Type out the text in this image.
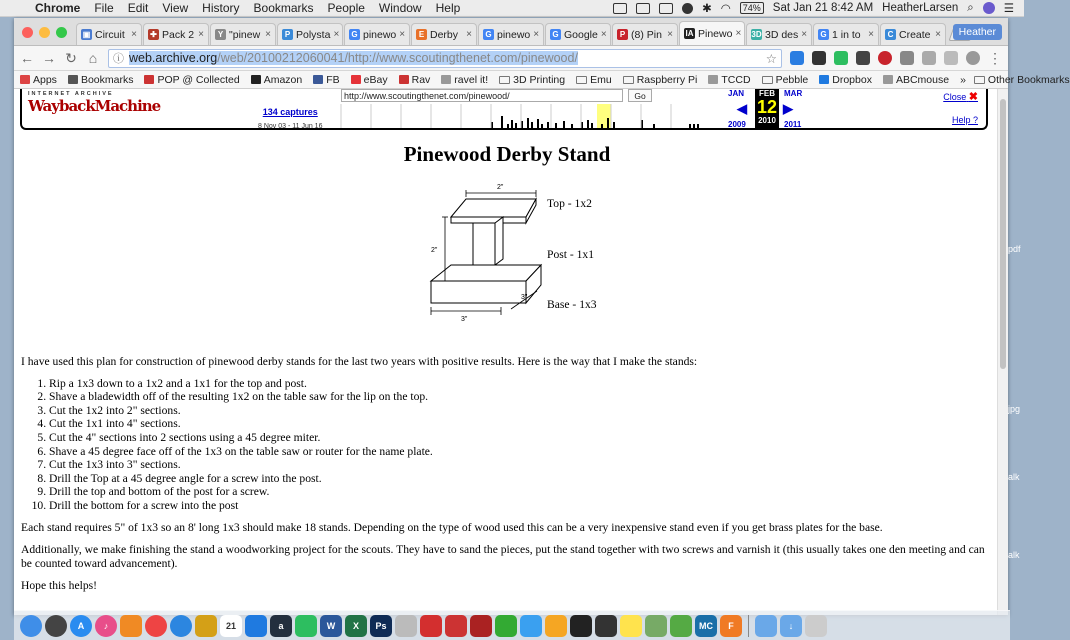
Chrome	File	Edit	View	History	Bookmarks	People	Window	Help	✱ ◠	74% Sat Jan 21 8:42 AM HeatherLarsen ⌕	☰
▣ Circuit × ✚ Pack 2 ×	Y "pinew ×	P Polysta × G pinewo ×	E Derby × G pinewo × G Google ×	P (8) Pin × IA Pinewo × 3D 3D des × G 1 in to ×	C Create ×	Heather
← → ↻ ⌂ ⓘ web.archive.org/web/20100212060041/http://www.scoutingthenet.com/pinewood/	☆	⋮
Apps Bookmarks POP @ Collected Amazon FB eBay Rav ravel it! 3D Printing Emu Raspberry Pi TCCD Pebble Dropbox ABCmouse » Other Bookmarks
INTERNET ARCHIVE
WaybackMachine	134 captures
8 Nov 03 - 11 Jun 16
http://www.scoutingthenet.com/pinewood/	Go	JAN
◀
FEB
12
2010
▶
MAR
2009	2011
Close ✖
Help ?
Pinewood Derby Stand
2"
2"
3"
3"
Top - 1x2
Post - 1x1
Base - 1x3

I have used this plan for construction of pinewood derby stands for the last two years with positive results. Here is the way that I make the stands:

1. Rip a 1x3 down to a 1x2 and a 1x1 for the top and post.
2. Shave a bladewidth off of the resulting 1x2 on the table saw for the lip on the top.
3. Cut the 1x2 into 2" sections.
4. Cut the 1x1 into 4" sections.
5. Cut the 4" sections into 2 sections using a 45 degree miter.
6. Shave a 45 degree face off of the 1x3 on the table saw or router for the name plate.
7. Cut the 1x3 into 3" sections.
8. Drill the Top at a 45 degree angle for a screw into the post.
9. Drill the top and bottom of the post for a screw.
10. Drill the bottom for a screw into the post

Each stand requires 5" of 1x3 so an 8' long 1x3 should make 18 stands. Depending on the type of wood used this can be a very inexpensive stand even if you get brass plates for the base.

Additionally, we make finishing the stand a woodworking project for the scouts. They have to sand the pieces, put the stand together with two screws and varnish it (this usually takes one den meeting and can be counted toward advancement).

Hope this helps!

pdf
jpg
alk
alk
A	♪	21	a	W	X	Ps	MC	F	↓
